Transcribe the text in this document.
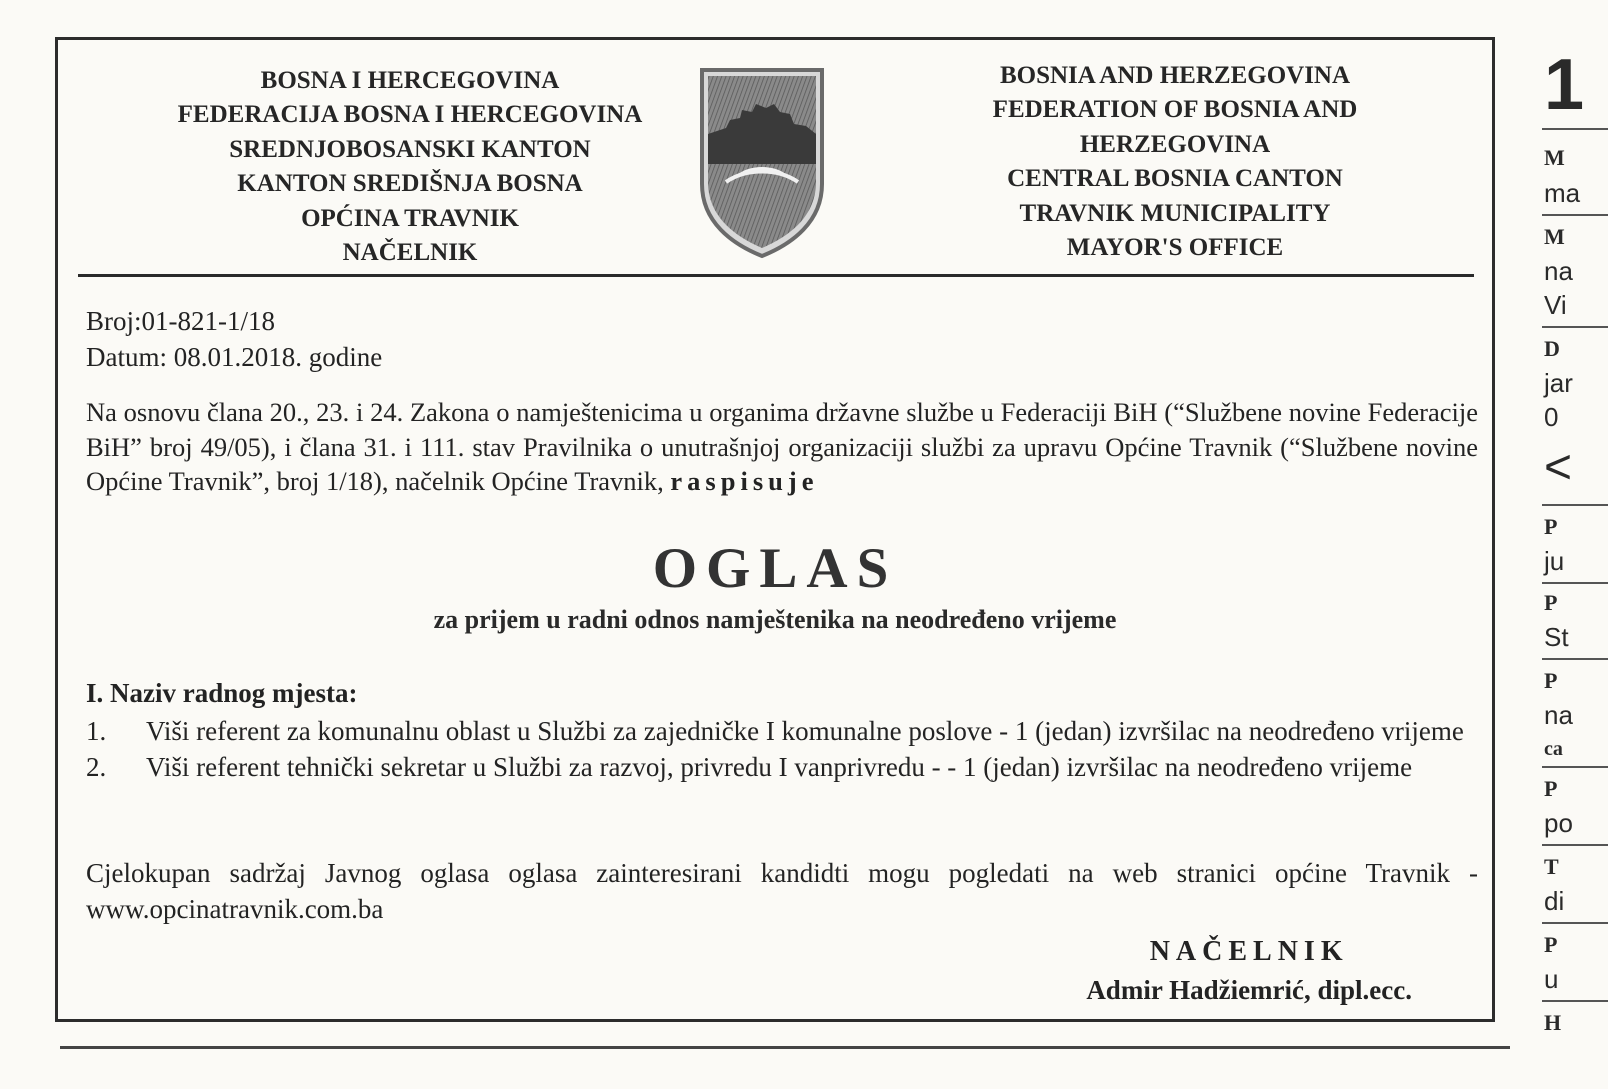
BOSNA I HERCEGOVINA
FEDERACIJA BOSNA I HERCEGOVINA
SREDNJOBOSANSKI KANTON
KANTON SREDIŠNJA BOSNA
OPĆINA TRAVNIK
NAČELNIK
BOSNIA AND HERZEGOVINA
FEDERATION OF BOSNIA AND
HERZEGOVINA
CENTRAL BOSNIA CANTON
TRAVNIK MUNICIPALITY
MAYOR'S OFFICE
Broj:01-821-1/18
Datum: 08.01.2018. godine
Na osnovu člana 20., 23. i 24. Zakona o namještenicima u organima državne službe u Federaciji BiH (“Službene novine Federacije BiH” broj 49/05), i člana 31. i 111. stav Pravilnika o unutrašnjoj organizaciji službi za upravu Općine Travnik (“Službene novine Općine Travnik”, broj 1/18), načelnik Općine Travnik, raspisuje
OGLAS
za prijem u radni odnos namještenika na neodređeno vrijeme
I. Naziv radnog mjesta:
1. Viši referent za komunalnu oblast u Službi za zajedničke I komunalne poslove - 1 (jedan) izvršilac na neodređeno vrijeme
2. Viši referent tehnički sekretar u Službi za razvoj, privredu I vanprivredu - - 1 (jedan) izvršilac na neodređeno vrijeme
Cjelokupan sadržaj Javnog oglasa oglasa zainteresirani kandidti mogu pogledati na web stranici općine Travnik - www.opcinatravnik.com.ba
NAČELNIK
Admir Hadžiemrić, dipl.ecc.
1
M
ma
M
na
Vi
D
jar
0
<
P
ju
P
St
P
na
ca
P
po
T
di
P
u
H
